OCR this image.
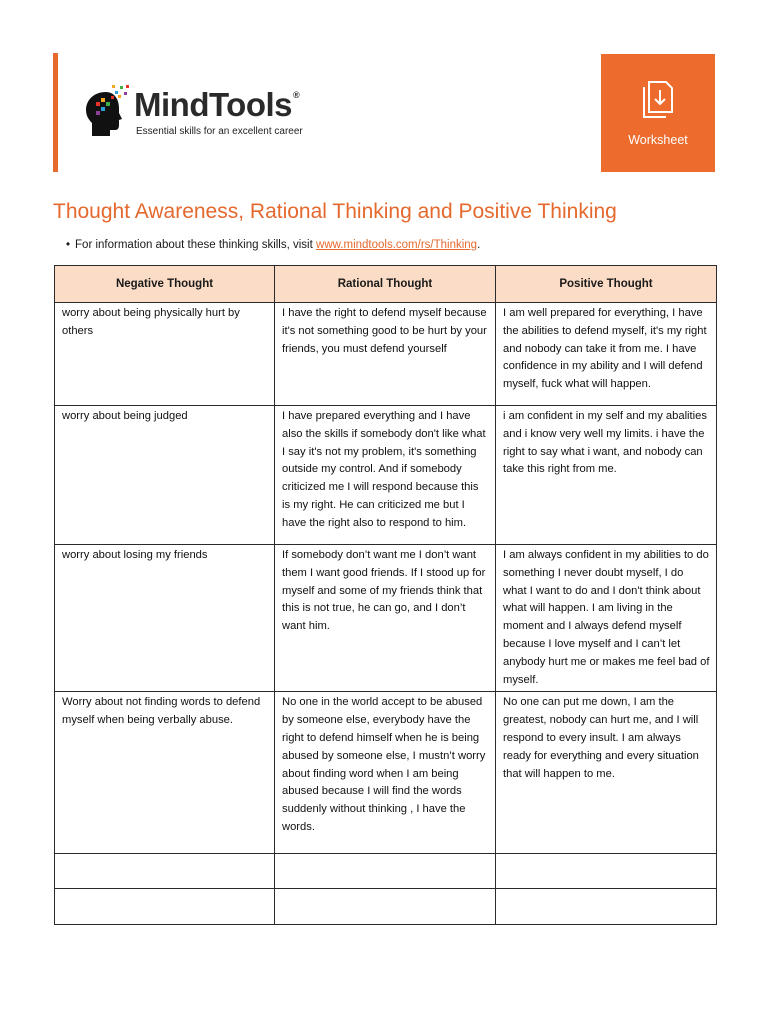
MindTools®
Essential skills for an excellent career
Worksheet
Thought Awareness, Rational Thinking and Positive Thinking

• For information about these thinking skills, visit www.mindtools.com/rs/Thinking.

Negative Thought	Rational Thought	Positive Thought
worry about being physically hurt by others	I have the right to defend myself because it's not something good to be hurt by your friends, you must defend yourself	I am well prepared for everything, I have the abilities to defend myself, it's my right and nobody can take it from me. I have confidence in my ability and I will defend myself, fuck what will happen.
worry about being judged	I have prepared everything and I have also the skills if somebody don't like what I say it's not my problem, it's something outside my control. And if somebody criticized me I will respond because this is my right. He can criticized me but I have the right also to respond to him.	i am confident in my self and my abalities and i know very well my limits. i have the right to say what i want, and nobody can take this right from me.
worry about losing my friends	If somebody don’t want me I don’t want them I want good friends. If I stood up for myself and some of my friends think that this is not true, he can go, and I don’t want him.	I am always confident in my abilities to do something I never doubt myself, I do what I want to do and I don't think about what will happen. I am living in the moment and I always defend myself because I love myself and I can’t let anybody hurt me or makes me feel bad of myself.
Worry about not finding words to defend myself when being verbally abuse.	No one in the world accept to be abused by someone else, everybody have the right to defend himself when he is being abused by someone else, I mustn’t worry about finding word when I am being abused because I will find the words suddenly without thinking , I have the words.	No one can put me down, I am the greatest, nobody can hurt me, and I will respond to every insult. I am always ready for everything and every situation that will happen to me.
